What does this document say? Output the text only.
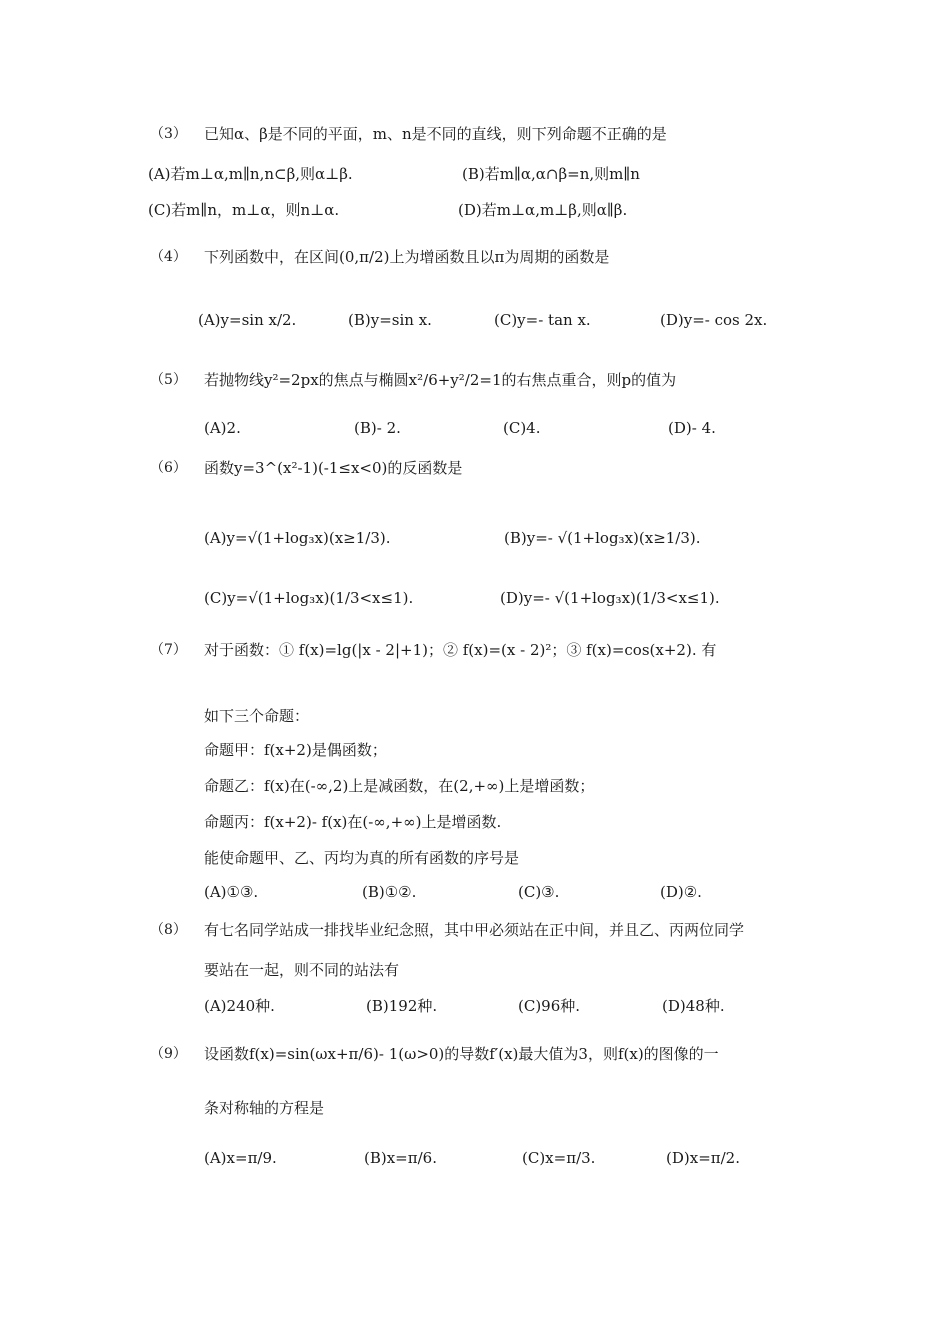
（3） 已知α、β是不同的平面，m、n是不同的直线，则下列命题不正确的是
(A)若m⊥α,m∥n,n⊂β,则α⊥β.	(B)若m∥α,α∩β=n,则m∥n
(C)若m∥n，m⊥α，则n⊥α.	(D)若m⊥α,m⊥β,则α∥β.
（4） 下列函数中，在区间(0,π/2)上为增函数且以π为周期的函数是
(A)y=sin x/2.	(B)y=sin x.	(C)y=- tan x.	(D)y=- cos 2x.
（5） 若抛物线y²=2px的焦点与椭圆x²/6+y²/2=1的右焦点重合，则p的值为
(A)2.	(B)- 2.	(C)4.	(D)- 4.
（6） 函数y=3^(x²-1)(-1≤x<0)的反函数是
(A)y=√(1+log₃x)(x≥1/3).	(B)y=- √(1+log₃x)(x≥1/3).
(C)y=√(1+log₃x)(1/3<x≤1).	(D)y=- √(1+log₃x)(1/3<x≤1).
（7） 对于函数：① f(x)=lg(|x - 2|+1)；② f(x)=(x - 2)²；③ f(x)=cos(x+2). 有
如下三个命题：
命题甲：f(x+2)是偶函数；
命题乙：f(x)在(-∞,2)上是减函数，在(2,+∞)上是增函数；
命题丙：f(x+2)- f(x)在(-∞,+∞)上是增函数.
能使命题甲、乙、丙均为真的所有函数的序号是
(A)①③.	(B)①②.	(C)③.	(D)②.
（8） 有七名同学站成一排找毕业纪念照，其中甲必须站在正中间，并且乙、丙两位同学
要站在一起，则不同的站法有
(A)240种.	(B)192种.	(C)96种.	(D)48种.
（9） 设函数f(x)=sin(ωx+π/6)- 1(ω>0)的导数f′(x)最大值为3，则f(x)的图像的一
条对称轴的方程是
(A)x=π/9.	(B)x=π/6.	(C)x=π/3.	(D)x=π/2.
